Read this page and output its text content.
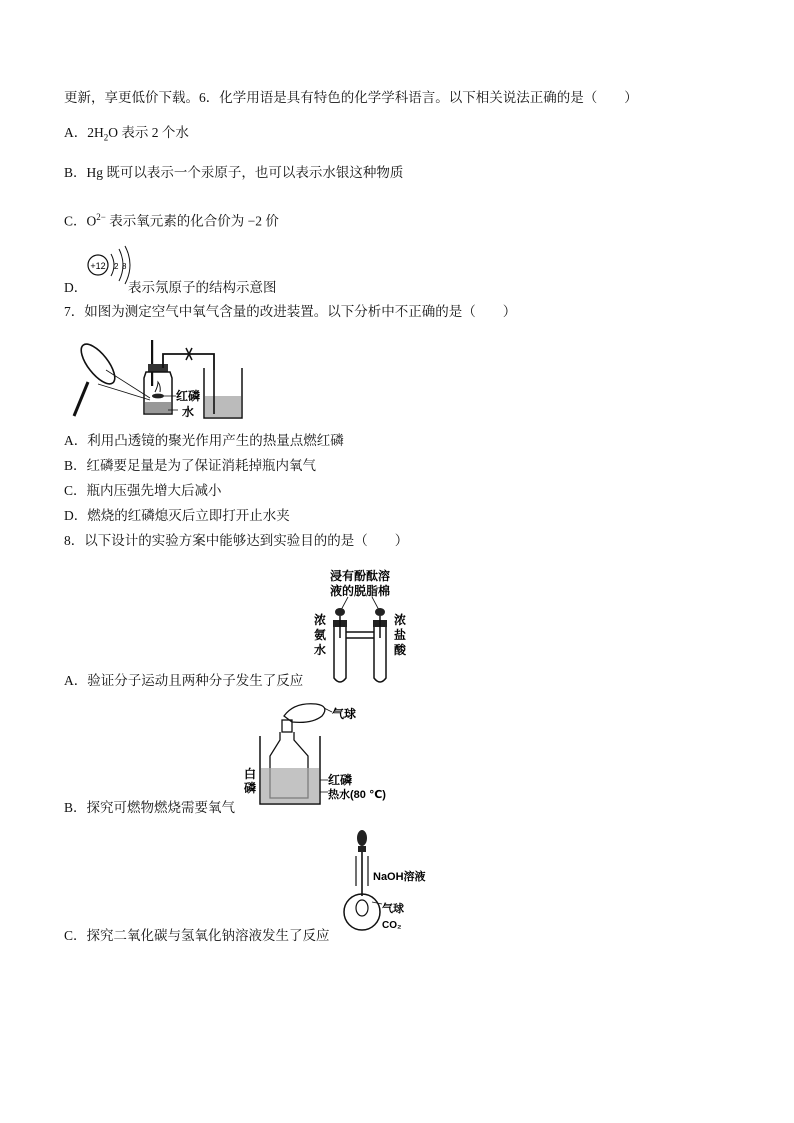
更新，享更低价下载。6．化学用语是具有特色的化学学科语言。以下相关说法正确的是（　　）
A．$2H_2O$ 表示 2 个水
B．Hg 既可以表示一个汞原子，也可以表示水银这种物质
C．$O^{2-}$ 表示氧元素的化合价为 −2 价
D．	表示氖原子的结构示意图
+12 2 8
7．如图为测定空气中氧气含量的改进装置。以下分析中不正确的是（　　）
红磷
水
A．利用凸透镜的聚光作用产生的热量点燃红磷
B．红磷要足量是为了保证消耗掉瓶内氧气
C．瓶内压强先增大后减小
D．燃烧的红磷熄灭后立即打开止水夹
8．以下设计的实验方案中能够达到实验目的的是（　　）
浸有酚酞溶
液的脱脂棉
浓
氨
水
浓
盐
酸
A．验证分子运动且两种分子发生了反应
气球
白
磷
红磷
热水(80 ℃)
B．探究可燃物燃烧需要氧气
NaOH溶液
气球
CO₂
C．探究二氧化碳与氢氧化钠溶液发生了反应
